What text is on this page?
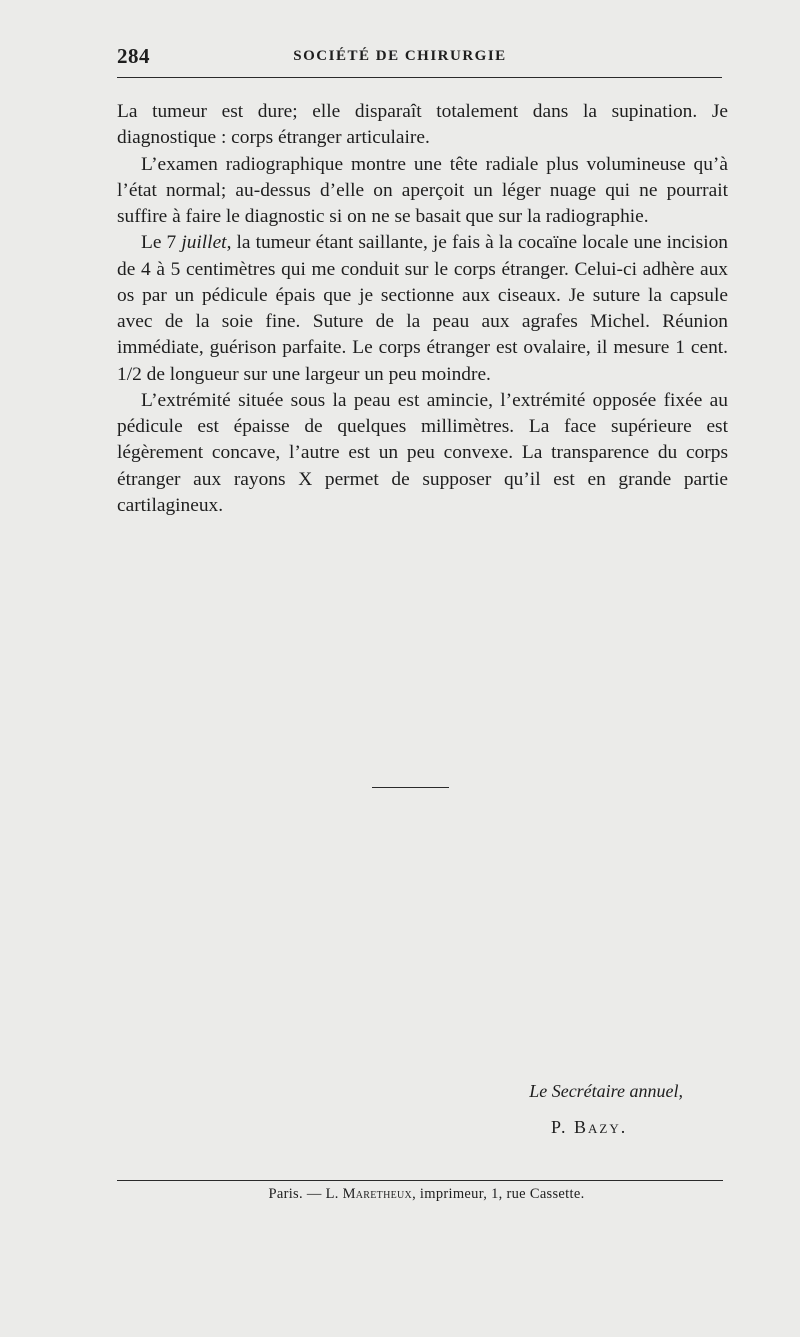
284	SOCIÉTÉ DE CHIRURGIE

La tumeur est dure; elle disparaît totalement dans la supination. Je diagnostique : corps étranger articulaire.

L’examen radiographique montre une tête radiale plus volumineuse qu’à l’état normal; au-dessus d’elle on aperçoit un léger nuage qui ne pourrait suffire à faire le diagnostic si on ne se basait que sur la radiographie.

Le 7 juillet, la tumeur étant saillante, je fais à la cocaïne locale une incision de 4 à 5 centimètres qui me conduit sur le corps étranger. Celui-ci adhère aux os par un pédicule épais que je sectionne aux ciseaux. Je suture la capsule avec de la soie fine. Suture de la peau aux agrafes Michel. Réunion immédiate, guérison parfaite. Le corps étranger est ovalaire, il mesure 1 cent. 1/2 de longueur sur une largeur un peu moindre.

L’extrémité située sous la peau est amincie, l’extrémité opposée fixée au pédicule est épaisse de quelques millimètres. La face supérieure est légèrement concave, l’autre est un peu convexe. La transparence du corps étranger aux rayons X permet de supposer qu’il est en grande partie cartilagineux.

Le Secrétaire annuel,
P. Bazy.
Paris. — L. Maretheux, imprimeur, 1, rue Cassette.
